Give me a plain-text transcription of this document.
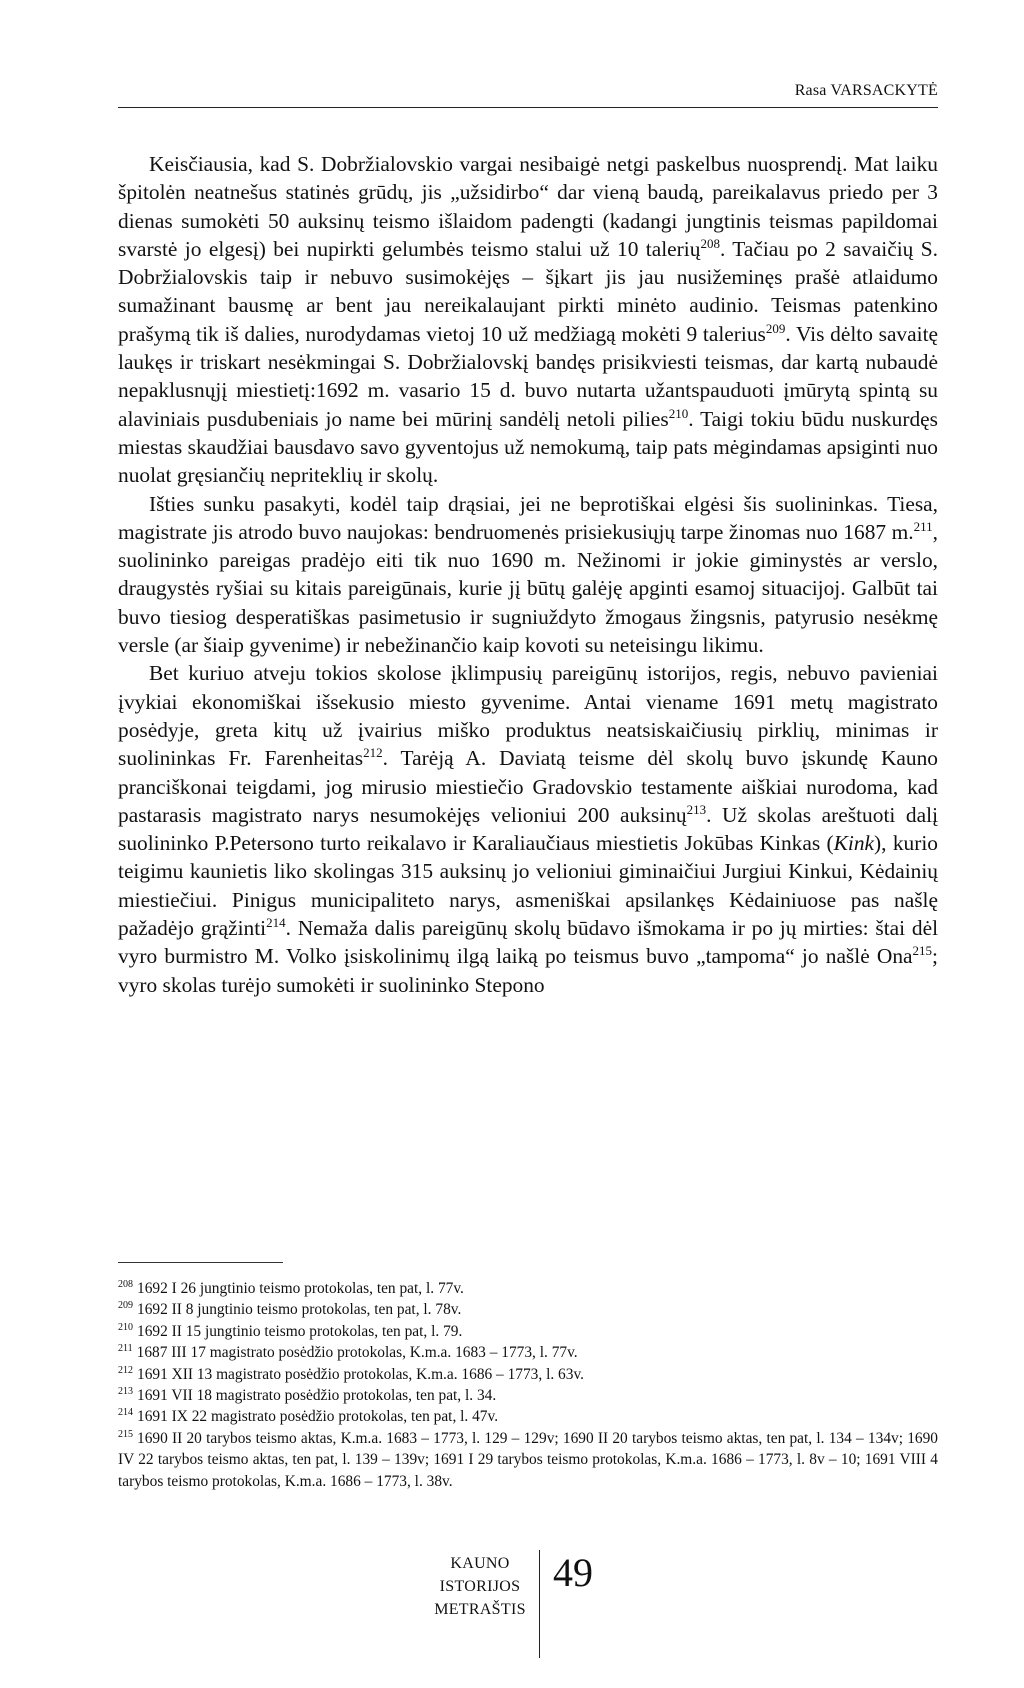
Rasa VARSACKYTĖ

Keisčiausia, kad S. Dobržialovskio vargai nesibaigė netgi paskelbus nuosprendį. Mat laiku špitolėn neatnešus statinės grūdų, jis „užsidirbo“ dar vieną baudą, pareikalavus priedo per 3 dienas sumokėti 50 auksinų teismo išlaidom padengti (kadangi jungtinis teismas papildomai svarstė jo elgesį) bei nupirkti gelumbės teismo stalui už 10 talerių$^{208}$. Tačiau po 2 savaičių S. Dobržialovskis taip ir nebuvo susimokėjęs – šįkart jis jau nusižeminęs prašė atlaidumo sumažinant bausmę ar bent jau nereikalaujant pirkti minėto audinio. Teismas patenkino prašymą tik iš dalies, nurodydamas vietoj 10 už medžiagą mokėti 9 talerius$^{209}$. Vis dėlto savaitę laukęs ir triskart nesėkmingai S. Dobržialovskį bandęs prisikviesti teismas, dar kartą nubaudė nepaklusnųjį miestietį:1692 m. vasario 15 d. buvo nutarta užantspauduoti įmūrytą spintą su alaviniais pusdubeniais jo name bei mūrinį sandėlį netoli pilies$^{210}$. Taigi tokiu būdu nuskurdęs miestas skaudžiai bausdavo savo gyventojus už nemokumą, taip pats mėgindamas apsiginti nuo nuolat gręsiančių nepriteklių ir skolų.

Išties sunku pasakyti, kodėl taip drąsiai, jei ne beprotiškai elgėsi šis suolininkas. Tiesa, magistrate jis atrodo buvo naujokas: bendruomenės prisiekusiųjų tarpe žinomas nuo 1687 m.$^{211}$, suolininko pareigas pradėjo eiti tik nuo 1690 m. Nežinomi ir jokie giminystės ar verslo, draugystės ryšiai su kitais pareigūnais, kurie jį būtų galėję apginti esamoj situacijoj. Galbūt tai buvo tiesiog desperatiškas pasimetusio ir sugniuždyto žmogaus žingsnis, patyrusio nesėkmę versle (ar šiaip gyvenime) ir nebežinančio kaip kovoti su neteisingu likimu.

Bet kuriuo atveju tokios skolose įklimpusių pareigūnų istorijos, regis, nebuvo pavieniai įvykiai ekonomiškai išsekusio miesto gyvenime. Antai viename 1691 metų magistrato posėdyje, greta kitų už įvairius miško produktus neatsiskaičiusių pirklių, minimas ir suolininkas Fr. Farenheitas$^{212}$. Tarėją A. Daviatą teisme dėl skolų buvo įskundę Kauno pranciškonai teigdami, jog mirusio miestiečio Gradovskio testamente aiškiai nurodoma, kad pastarasis magistrato narys nesumokėjęs velioniui 200 auksinų$^{213}$. Už skolas areštuoti dalį suolininko P.Petersono turto reikalavo ir Karaliaučiaus miestietis Jokūbas Kinkas (Kink), kurio teigimu kaunietis liko skolingas 315 auksinų jo velioniui giminaičiui Jurgiui Kinkui, Kėdainių miestiečiui. Pinigus municipaliteto narys, asmeniškai apsilankęs Kėdainiuose pas našlę pažadėjo grąžinti$^{214}$. Nemaža dalis pareigūnų skolų būdavo išmokama ir po jų mirties: štai dėl vyro burmistro M. Volko įsiskolinimų ilgą laiką po teismus buvo „tampoma“ jo našlė Ona$^{215}$; vyro skolas turėjo sumokėti ir suolininko Stepono

$^{208}$ 1692 I 26 jungtinio teismo protokolas, ten pat, l. 77v.

$^{209}$ 1692 II 8 jungtinio teismo protokolas, ten pat, l. 78v.

$^{210}$ 1692 II 15 jungtinio teismo protokolas, ten pat, l. 79.

$^{211}$ 1687 III 17 magistrato posėdžio protokolas, K.m.a. 1683 – 1773, l. 77v.

$^{212}$ 1691 XII 13 magistrato posėdžio protokolas, K.m.a. 1686 – 1773, l. 63v.

$^{213}$ 1691 VII 18 magistrato posėdžio protokolas, ten pat, l. 34.

$^{214}$ 1691 IX 22 magistrato posėdžio protokolas, ten pat, l. 47v.

$^{215}$ 1690 II 20 tarybos teismo aktas, K.m.a. 1683 – 1773, l. 129 – 129v; 1690 II 20 tarybos teismo aktas, ten pat, l. 134 – 134v; 1690 IV 22 tarybos teismo aktas, ten pat, l. 139 – 139v; 1691 I 29 tarybos teismo protokolas, K.m.a. 1686 – 1773, l. 8v – 10; 1691 VIII 4 tarybos teismo protokolas, K.m.a. 1686 – 1773, l. 38v.

KAUNO
ISTORIJOS
METRAŠTIS
49
